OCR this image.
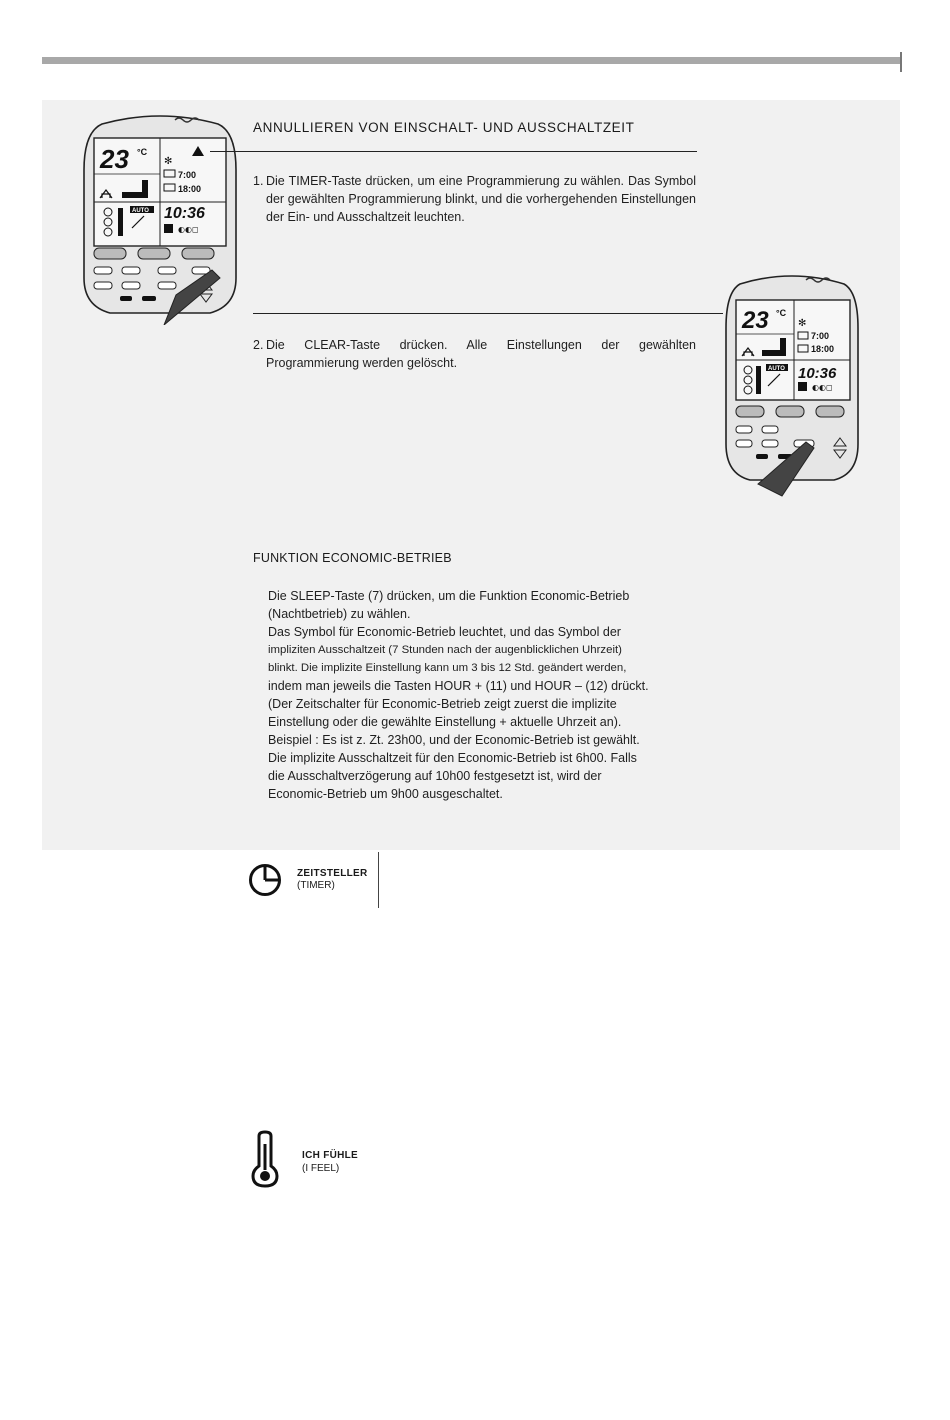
23 °C
✻
7:00
18:00
AUTO 10:36
◐◐◻
ANNULLIEREN VON EINSCHALT- UND AUSSCHALTZEIT
1. Die TIMER-Taste drücken, um eine Programmierung zu wählen. Das Symbol der gewählten Programmierung blinkt, und die vorhergehenden Einstellungen der Ein- und Ausschaltzeit leuchten.
23 °C
✻
7:00
18:00
AUTO 10:36
◐◐◻
2. Die CLEAR-Taste drücken. Alle Einstellungen der gewählten Programmierung werden gelöscht.
FUNKTION ECONOMIC-BETRIEB
Die SLEEP-Taste (7) drücken, um die Funktion Economic-Betrieb
(Nachtbetrieb) zu wählen.
Das Symbol für Economic-Betrieb leuchtet, und das Symbol der
impliziten Ausschaltzeit (7 Stunden nach der augenblicklichen Uhrzeit)
blinkt. Die implizite Einstellung kann um 3 bis 12 Std. geändert werden,
indem man jeweils die Tasten HOUR + (11) und HOUR – (12) drückt.
(Der Zeitschalter für Economic-Betrieb zeigt zuerst die implizite
Einstellung oder die gewählte Einstellung + aktuelle Uhrzeit an).
Beispiel : Es ist z. Zt. 23h00, und der Economic-Betrieb ist gewählt.
Die implizite Ausschaltzeit für den Economic-Betrieb ist 6h00. Falls
die Ausschaltverzögerung auf 10h00 festgesetzt ist, wird der
Economic-Betrieb um 9h00 ausgeschaltet.
ZEITSTELLER
(TIMER)
ICH FÜHLE
(I FEEL)
